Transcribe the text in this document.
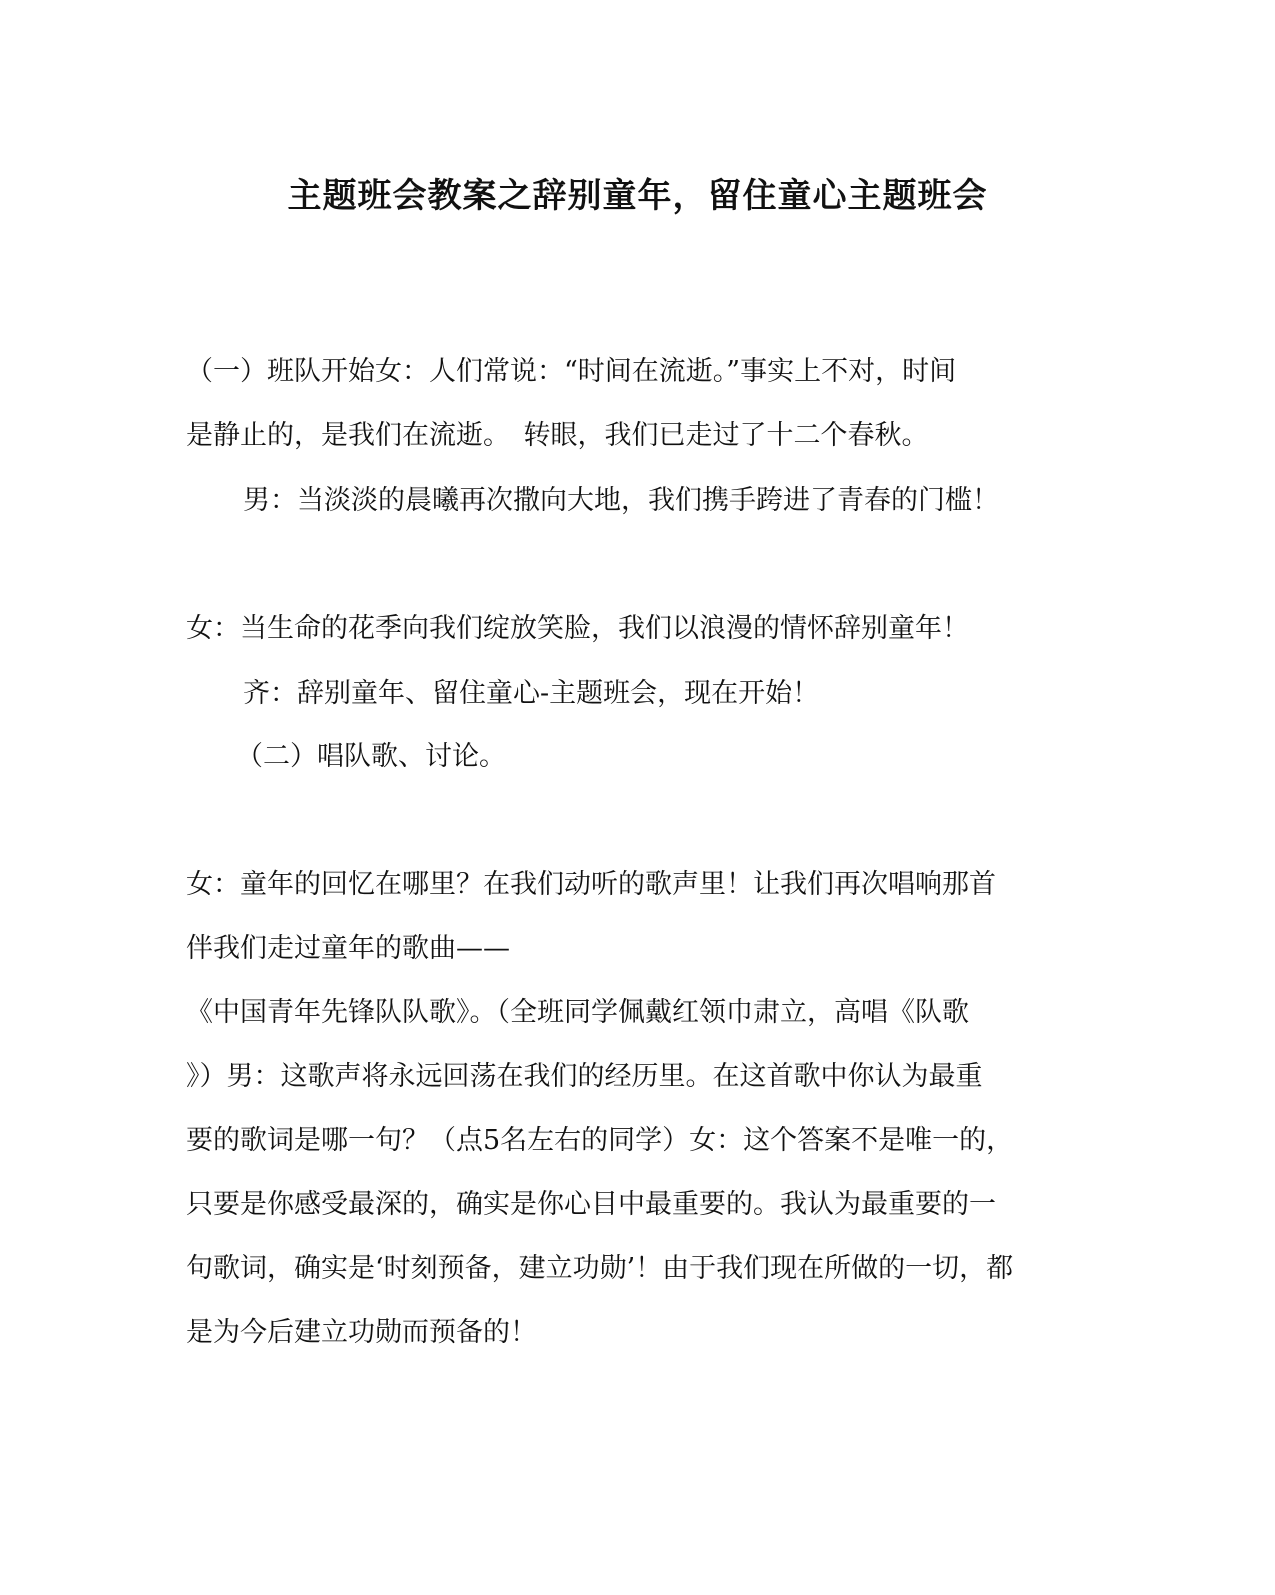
主题班会教案之辞别童年，留住童心主题班会
（一）班队开始女：人们常说：“时间在流逝。”事实上不对，时间
是静止的，是我们在流逝。　转眼，我们已走过了十二个春秋。
男：当淡淡的晨曦再次撒向大地，我们携手跨进了青春的门槛！
女：当生命的花季向我们绽放笑脸，我们以浪漫的情怀辞别童年！
齐：辞别童年、留住童心-主题班会，现在开始！
（二）唱队歌、讨论。
女：童年的回忆在哪里？在我们动听的歌声里！让我们再次唱响那首
伴我们走过童年的歌曲——
《中国青年先锋队队歌》。（全班同学佩戴红领巾肃立，高唱《队歌
》）男：这歌声将永远回荡在我们的经历里。在这首歌中你认为最重
要的歌词是哪一句？（点5名左右的同学）女：这个答案不是唯一的，
只要是你感受最深的，确实是你心目中最重要的。我认为最重要的一
句歌词，确实是‘时刻预备，建立功勋’！由于我们现在所做的一切，都
是为今后建立功勋而预备的！
